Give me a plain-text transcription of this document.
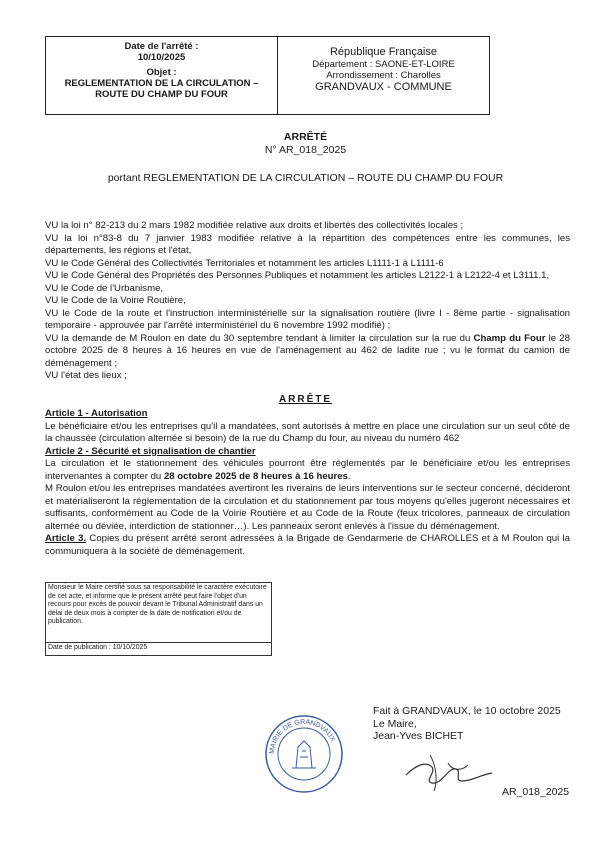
Date de l'arrêté :
10/10/2025
Objet :
REGLEMENTATION DE LA CIRCULATION –
ROUTE DU CHAMP DU FOUR
République Française
Département : SAONE-ET-LOIRE
Arrondissement : Charolles
GRANDVAUX - COMMUNE
ARRÊTÉ
N° AR_018_2025
portant REGLEMENTATION DE LA CIRCULATION – ROUTE DU CHAMP DU FOUR

VU la loi n° 82-213 du 2 mars 1982 modifiée relative aux droits et libertés des collectivités locales ;

VU la loi n°83-8 du 7 janvier 1983 modifiée relative à la répartition des compétences entre les communes, les départements, les régions et l'état,

VU le Code Général des Collectivités Territoriales et notamment les articles L1111-1 à L1111-6

VU le Code Général des Propriétés des Personnes Publiques et notamment les articles L2122-1 à L2122-4 et L3111.1,

VU le Code de l'Urbanisme,

VU le Code de la Voirie Routière,

VU le Code de la route et l'instruction interministérielle sur la signalisation routière (livre I - 8ème partie - signalisation temporaire - approuvée par l'arrêté interministériel du 6 novembre 1992 modifié) ;

VU la demande de M Roulon en date du 30 septembre tendant à limiter la circulation sur la rue du Champ du Four le 28 octobre 2025 de 8 heures à 16 heures en vue de l'aménagement au 462 de ladite rue ; vu le format du camion de déménagement ;

VU l'état des lieux ;

ARRÊTE

Article 1 - Autorisation

Le bénéficiaire et/ou les entreprises qu'il a mandatées, sont autorisés à mettre en place une circulation sur un seul côté de la chaussée (circulation alternée si besoin) de la rue du Champ du four, au niveau du numéro 462

Article 2 - Sécurité et signalisation de chantier

La circulation et le stationnement des véhicules pourront être réglementés par le bénéficiaire et/ou les entreprises intervenantes à compter du 28 octobre 2025 de 8 heures à 16 heures.

M Roulon et/ou les entreprises mandatées avertiront les riverains de leurs interventions sur le secteur concerné, décideront et matérialiseront la réglementation de la circulation et du stationnement par tous moyens qu'elles jugeront nécessaires et suffisants, conformément au Code de la Voirie Routière et au Code de la Route (feux tricolores, panneaux de circulation alternée ou déviée, interdiction de stationner…). Les panneaux seront enlevés à l'issue du déménagement.

Article 3. Copies du présent arrêté seront adressées à la Brigade de Gendarmerie de CHAROLLES et à M Roulon qui la communiquera à la société de déménagement.

Monsieur le Maire certifié sous sa responsabilité le caractère exécutoire de cet acte, et informe que le présent arrêté peut faire l'objet d'un recours pour excès de pouvoir devant le Tribunal Administratif dans un délai de deux mois à compter de la date de notification et/ou de publication.
Date de publication : 10/10/2025
MAIRIE DE GRANDVAUX
Fait à GRANDVAUX, le 10 octobre 2025
Le Maire,
Jean-Yves BICHET
AR_018_2025
